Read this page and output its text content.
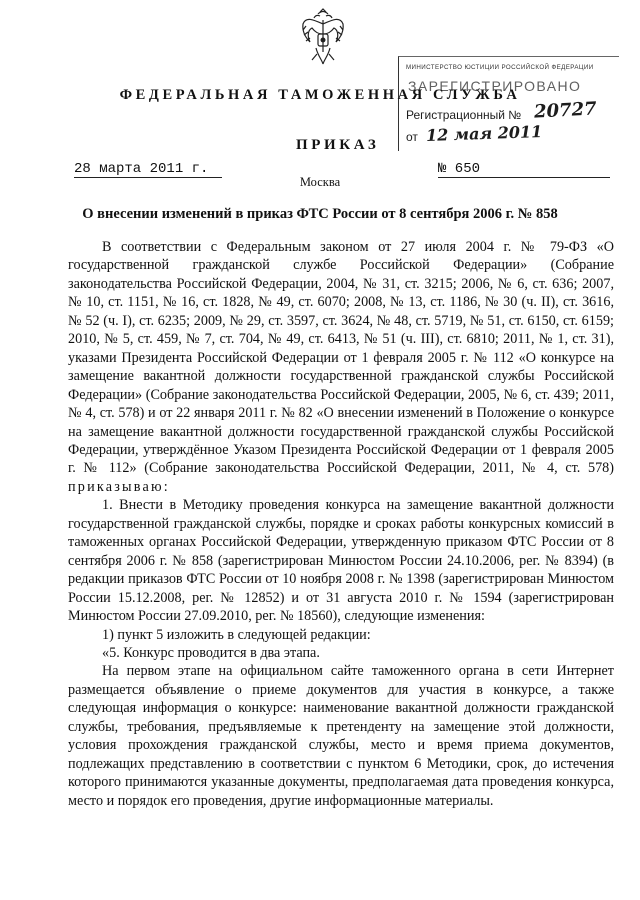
МИНИСТЕРСТВО ЮСТИЦИИ РОССИЙСКОЙ ФЕДЕРАЦИИ
ЗАРЕГИСТРИРОВАНО
Регистрационный № 20727
от 12 мая 2011
ФЕДЕРАЛЬНАЯ ТАМОЖЕННАЯ СЛУЖБА
ПРИКАЗ
28 марта 2011 г.	№ 650
Москва
О внесении изменений в приказ ФТС России от 8 сентября 2006 г. № 858

В соответствии с Федеральным законом от 27 июля 2004 г. № 79-ФЗ «О государственной гражданской службе Российской Федерации» (Собрание законодательства Российской Федерации, 2004, № 31, ст. 3215; 2006, № 6, ст. 636; 2007, № 10, ст. 1151, № 16, ст. 1828, № 49, ст. 6070; 2008, № 13, ст. 1186, № 30 (ч. II), ст. 3616, № 52 (ч. I), ст. 6235; 2009, № 29, ст. 3597, ст. 3624, № 48, ст. 5719, № 51, ст. 6150, ст. 6159; 2010, № 5, ст. 459, № 7, ст. 704, № 49, ст. 6413, № 51 (ч. III), ст. 6810; 2011, № 1, ст. 31), указами Президента Российской Федерации от 1 февраля 2005 г. № 112 «О конкурсе на замещение вакантной должности государственной гражданской службы Российской Федерации» (Собрание законодательства Российской Федерации, 2005, № 6, ст. 439; 2011, № 4, ст. 578) и от 22 января 2011 г. № 82 «О внесении изменений в Положение о конкурсе на замещение вакантной должности государственной гражданской службы Российской Федерации, утверждённое Указом Президента Российской Федерации от 1 февраля 2005 г. № 112» (Собрание законодательства Российской Федерации, 2011, № 4, ст. 578) приказываю:

1. Внести в Методику проведения конкурса на замещение вакантной должности государственной гражданской службы, порядке и сроках работы конкурсных комиссий в таможенных органах Российской Федерации, утвержденную приказом ФТС России от 8 сентября 2006 г. № 858 (зарегистрирован Минюстом России 24.10.2006, рег. № 8394) (в редакции приказов ФТС России от 10 ноября 2008 г. № 1398 (зарегистрирован Минюстом России 15.12.2008, рег. № 12852) и от 31 августа 2010 г. № 1594 (зарегистрирован Минюстом России 27.09.2010, рег. № 18560), следующие изменения:

1) пункт 5 изложить в следующей редакции:

«5. Конкурс проводится в два этапа.

На первом этапе на официальном сайте таможенного органа в сети Интернет размещается объявление о приеме документов для участия в конкурсе, а также следующая информация о конкурсе: наименование вакантной должности гражданской службы, требования, предъявляемые к претенденту на замещение этой должности, условия прохождения гражданской службы, место и время приема документов, подлежащих представлению в соответствии с пунктом 6 Методики, срок, до истечения которого принимаются указанные документы, предполагаемая дата проведения конкурса, место и порядок его проведения, другие информационные материалы.
